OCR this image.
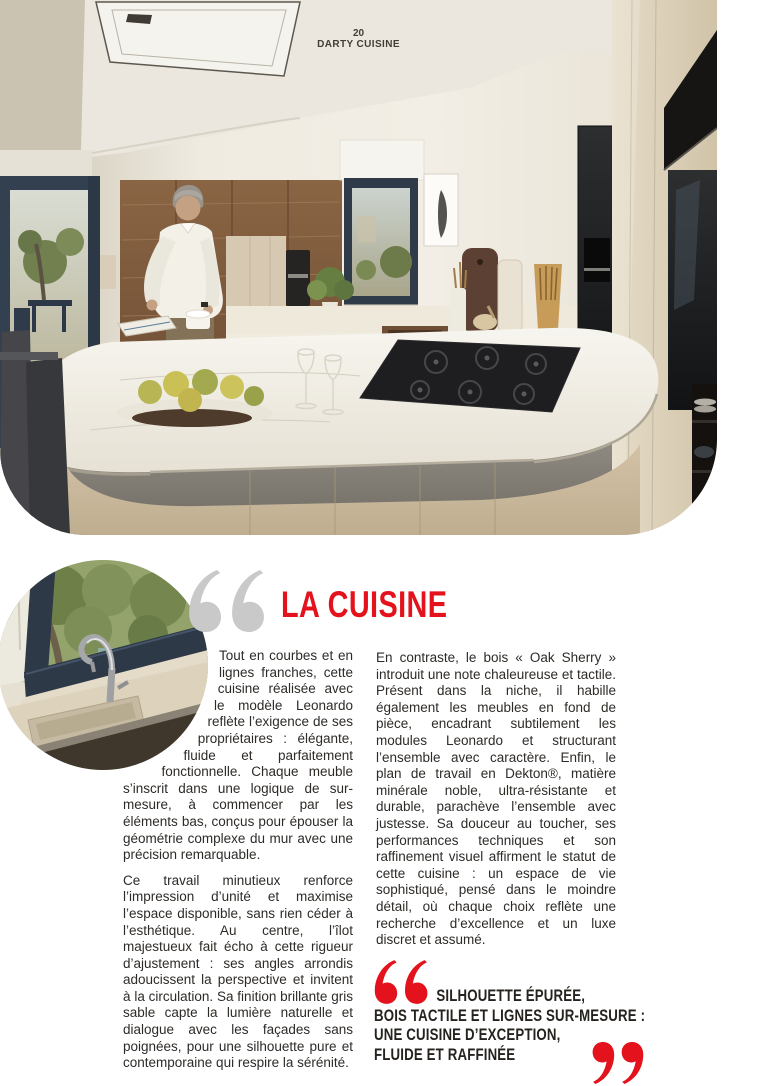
20
DARTY CUISINE
LA CUISINE

Tout en courbes et en lignes franches, cette cuisine réalisée avec le modèle Leonardo reflète l’exigence de ses propriétaires : élégante, fluide et parfaitement fonctionnelle. Chaque meuble s’inscrit dans une logique de sur-mesure, à commencer par les éléments bas, conçus pour épouser la géométrie complexe du mur avec une précision remarquable.

Ce travail minutieux renforce l’impression d’unité et maximise l’espace disponible, sans rien céder à l’esthétique. Au centre, l’îlot majestueux fait écho à cette rigueur d’ajustement : ses angles arrondis adoucissent la perspective et invitent à la circulation. Sa finition brillante gris sable capte la lumière naturelle et dialogue avec les façades sans poignées, pour une silhouette pure et contemporaine qui respire la sérénité.

En contraste, le bois « Oak Sherry » introduit une note chaleureuse et tactile. Présent dans la niche, il habille également les meubles en fond de pièce, encadrant subtilement les modules Leonardo et structurant l’ensemble avec caractère. Enfin, le plan de travail en Dekton®, matière minérale noble, ultra-résistante et durable, parachève l’ensemble avec justesse. Sa douceur au toucher, ses performances techniques et son raffinement visuel affirment le statut de cette cuisine : un espace de vie sophistiqué, pensé dans le moindre détail, où chaque choix reflète une recherche d’excellence et un luxe discret et assumé.

SILHOUETTE ÉPURÉE,
BOIS TACTILE ET LIGNES SUR-MESURE :
UNE CUISINE D’EXCEPTION,
FLUIDE ET RAFFINÉE
